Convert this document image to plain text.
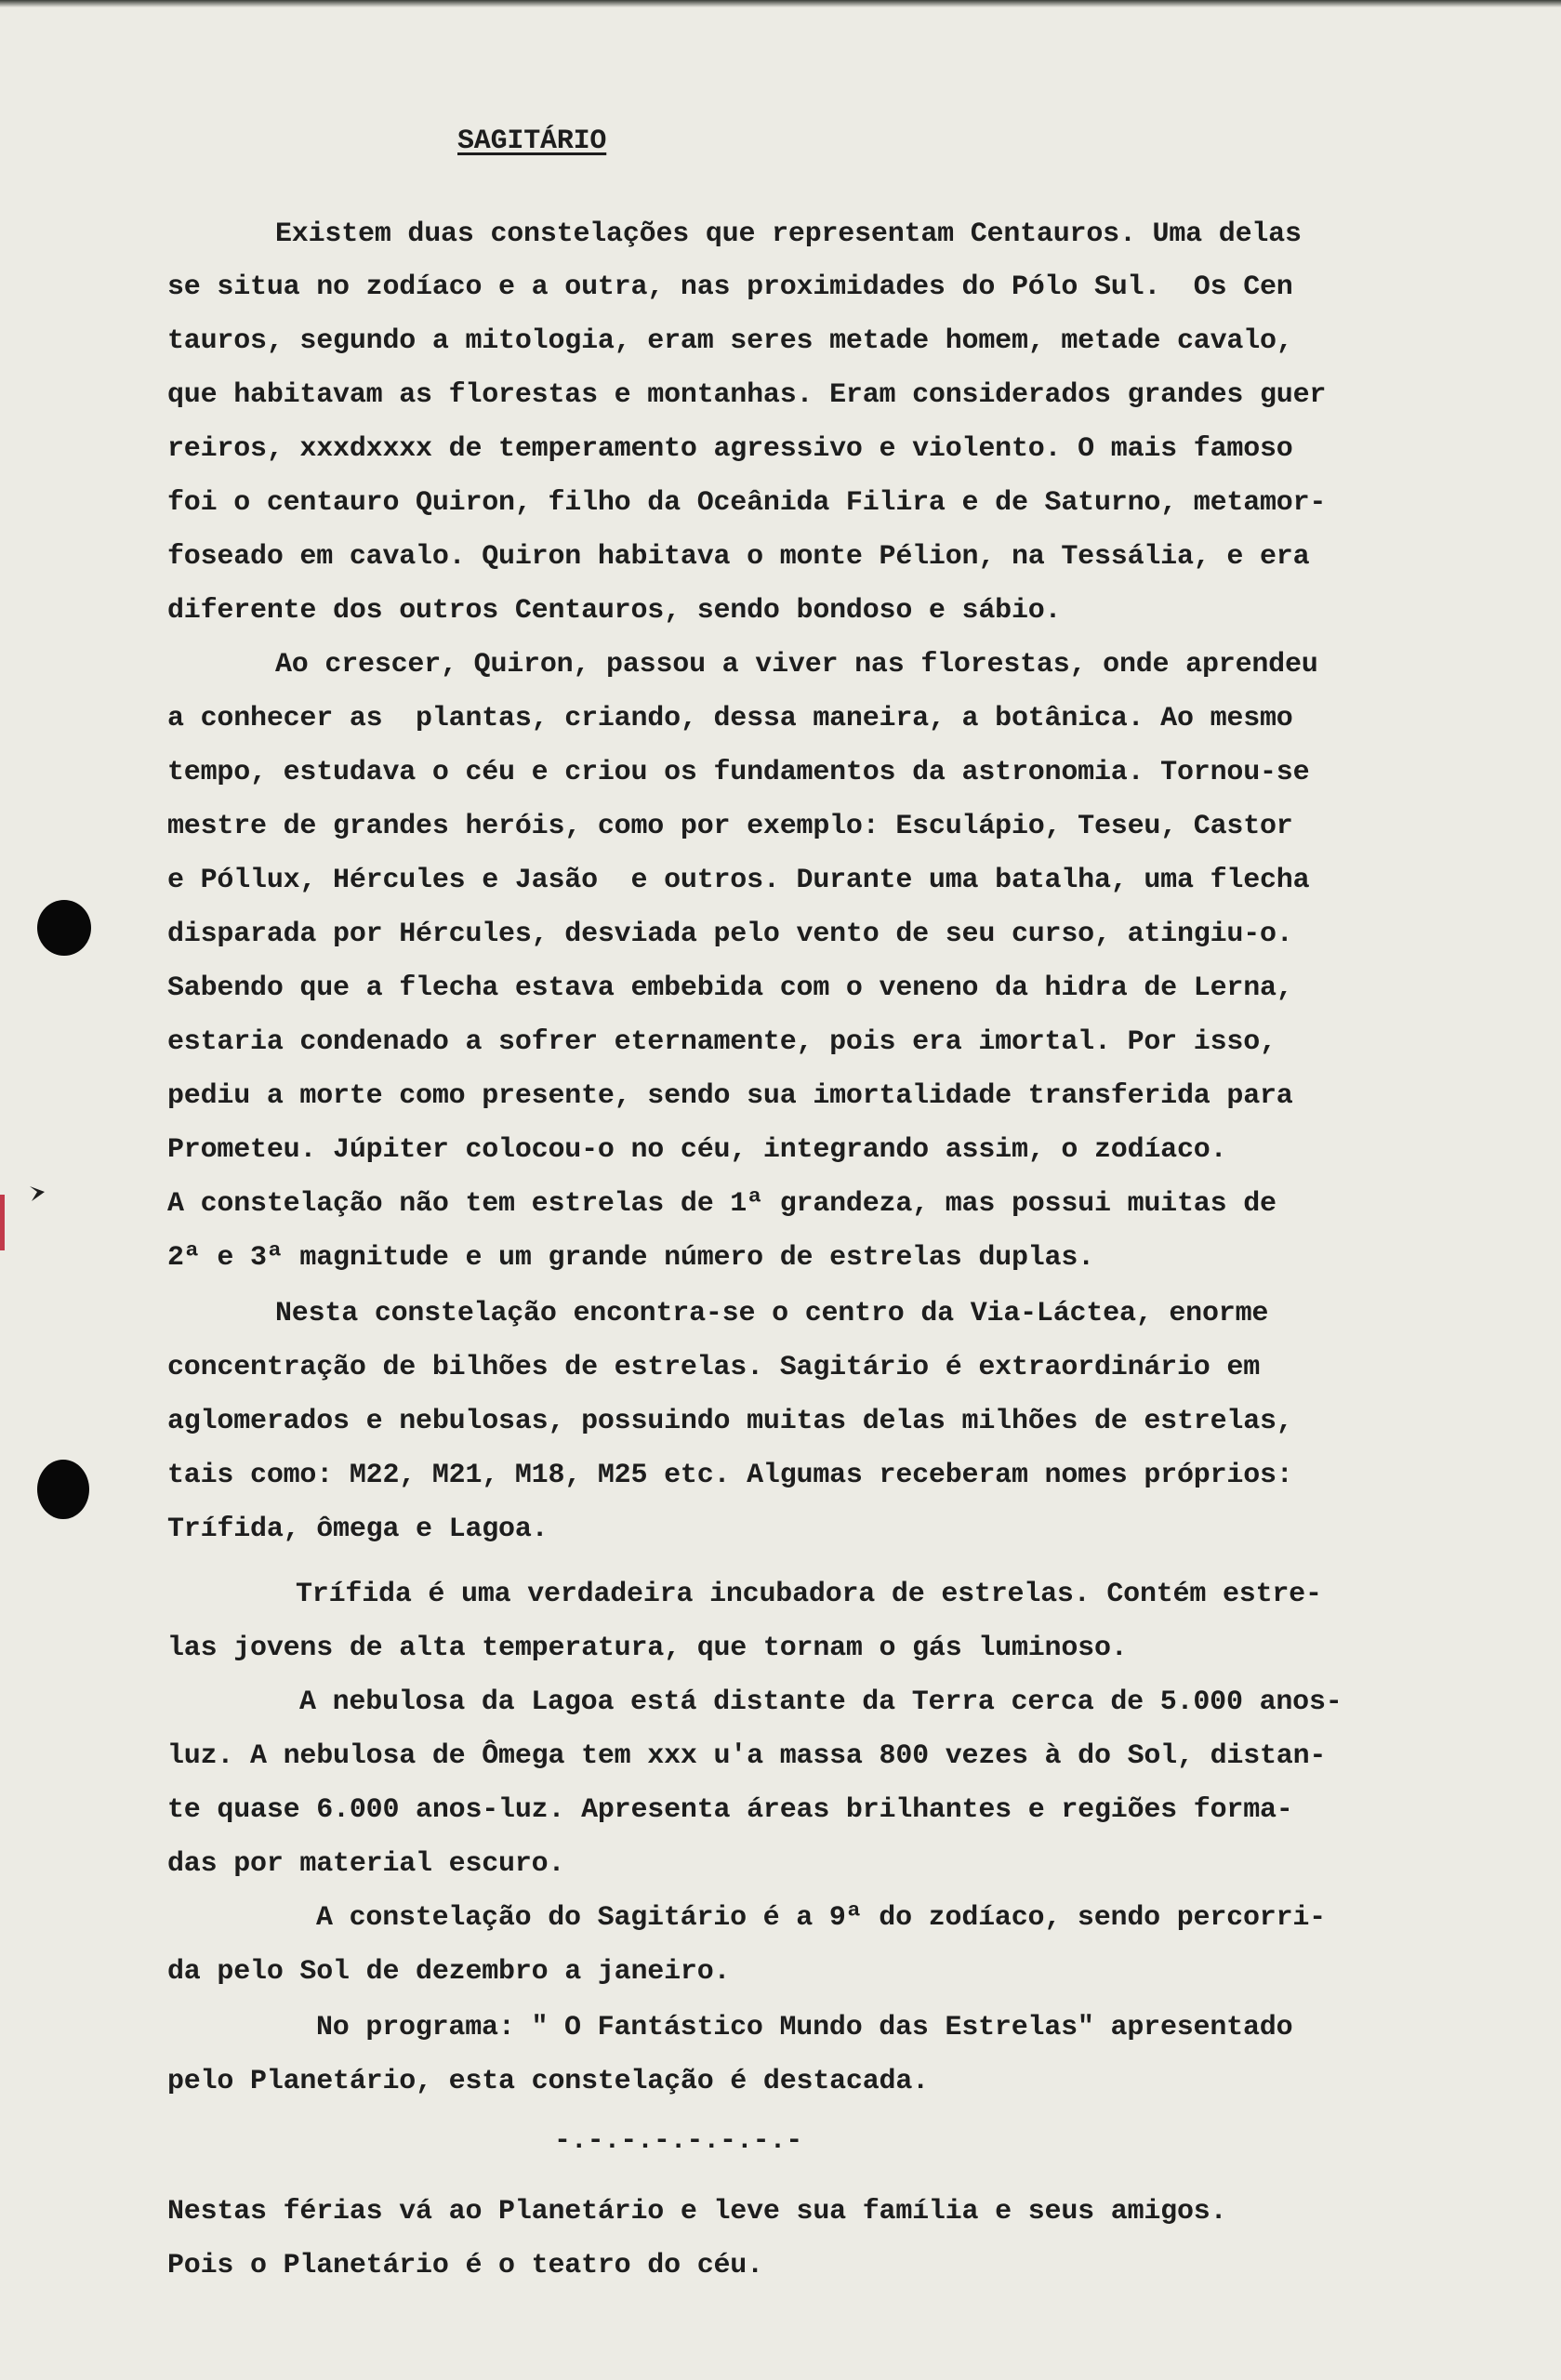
SAGITÁRIO
Existem duas constelações que representam Centauros. Uma delas
se situa no zodíaco e a outra, nas proximidades do Pólo Sul.  Os Cen
tauros, segundo a mitologia, eram seres metade homem, metade cavalo,
que habitavam as florestas e montanhas. Eram considerados grandes guer
reiros, xxxdxxxx de temperamento agressivo e violento. O mais famoso
foi o centauro Quiron, filho da Oceânida Filira e de Saturno, metamor-
foseado em cavalo. Quiron habitava o monte Pélion, na Tessália, e era
diferente dos outros Centauros, sendo bondoso e sábio.
Ao crescer, Quiron, passou a viver nas florestas, onde aprendeu
a conhecer as  plantas, criando, dessa maneira, a botânica. Ao mesmo
tempo, estudava o céu e criou os fundamentos da astronomia. Tornou-se
mestre de grandes heróis, como por exemplo: Esculápio, Teseu, Castor
e Póllux, Hércules e Jasão  e outros. Durante uma batalha, uma flecha
disparada por Hércules, desviada pelo vento de seu curso, atingiu-o.
Sabendo que a flecha estava embebida com o veneno da hidra de Lerna,
estaria condenado a sofrer eternamente, pois era imortal. Por isso,
pediu a morte como presente, sendo sua imortalidade transferida para
Prometeu. Júpiter colocou-o no céu, integrando assim, o zodíaco.
A constelação não tem estrelas de 1ª grandeza, mas possui muitas de
2ª e 3ª magnitude e um grande número de estrelas duplas.
Nesta constelação encontra-se o centro da Via-Láctea, enorme
concentração de bilhões de estrelas. Sagitário é extraordinário em
aglomerados e nebulosas, possuindo muitas delas milhões de estrelas,
tais como: M22, M21, M18, M25 etc. Algumas receberam nomes próprios:
Trífida, ômega e Lagoa.
Trífida é uma verdadeira incubadora de estrelas. Contém estre-
las jovens de alta temperatura, que tornam o gás luminoso.
A nebulosa da Lagoa está distante da Terra cerca de 5.000 anos-
luz. A nebulosa de Ômega tem xxx u'a massa 800 vezes à do Sol, distan-
te quase 6.000 anos-luz. Apresenta áreas brilhantes e regiões forma-
das por material escuro.
A constelação do Sagitário é a 9ª do zodíaco, sendo percorri-
da pelo Sol de dezembro a janeiro.
No programa: " O Fantástico Mundo das Estrelas" apresentado
pelo Planetário, esta constelação é destacada.
-.-.-.-.-.-.-.-
Nestas férias vá ao Planetário e leve sua família e seus amigos.
Pois o Planetário é o teatro do céu.
